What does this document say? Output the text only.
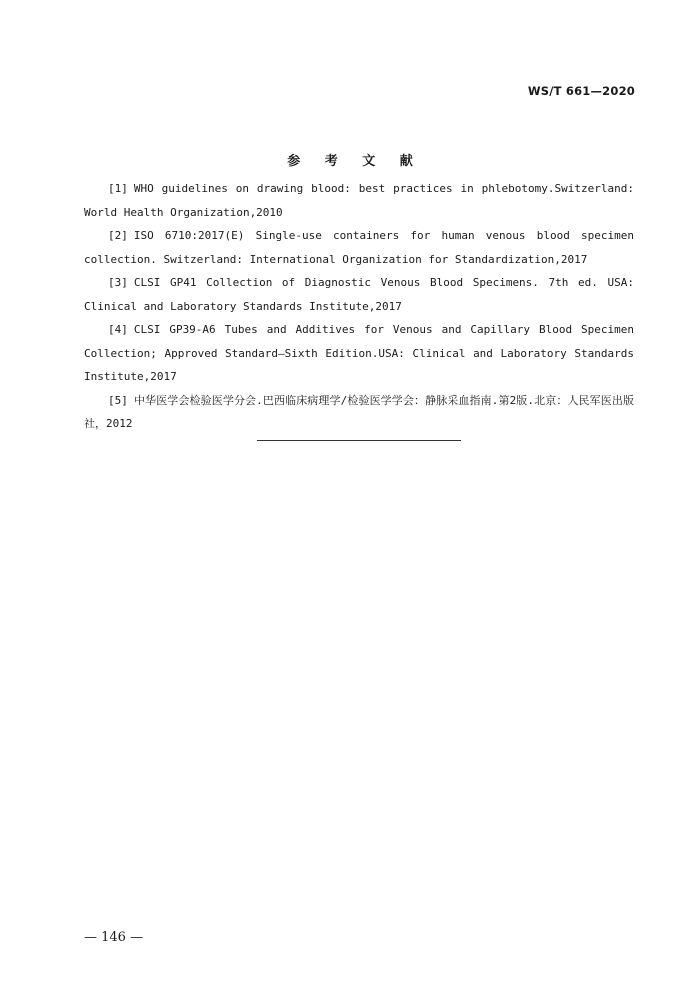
WS/T 661—2020
参 考 文 献
[1] WHO guidelines on drawing blood: best practices in phlebotomy.Switzerland: World Health Organization,2010
[2] ISO 6710:2017(E) Single-use containers for human venous blood specimen collection. Switzerland: International Organization for Standardization,2017
[3] CLSI GP41 Collection of Diagnostic Venous Blood Specimens. 7th ed. USA: Clinical and Laboratory Standards Institute,2017
[4] CLSI GP39-A6 Tubes and Additives for Venous and Capillary Blood Specimen Collection; Approved Standard—Sixth Edition.USA: Clinical and Laboratory Standards Institute,2017
[5] 中华医学会检验医学分会.巴西临床病理学/检验医学学会：静脉采血指南.第2版.北京：人民军医出版社，2012
— 146 —
